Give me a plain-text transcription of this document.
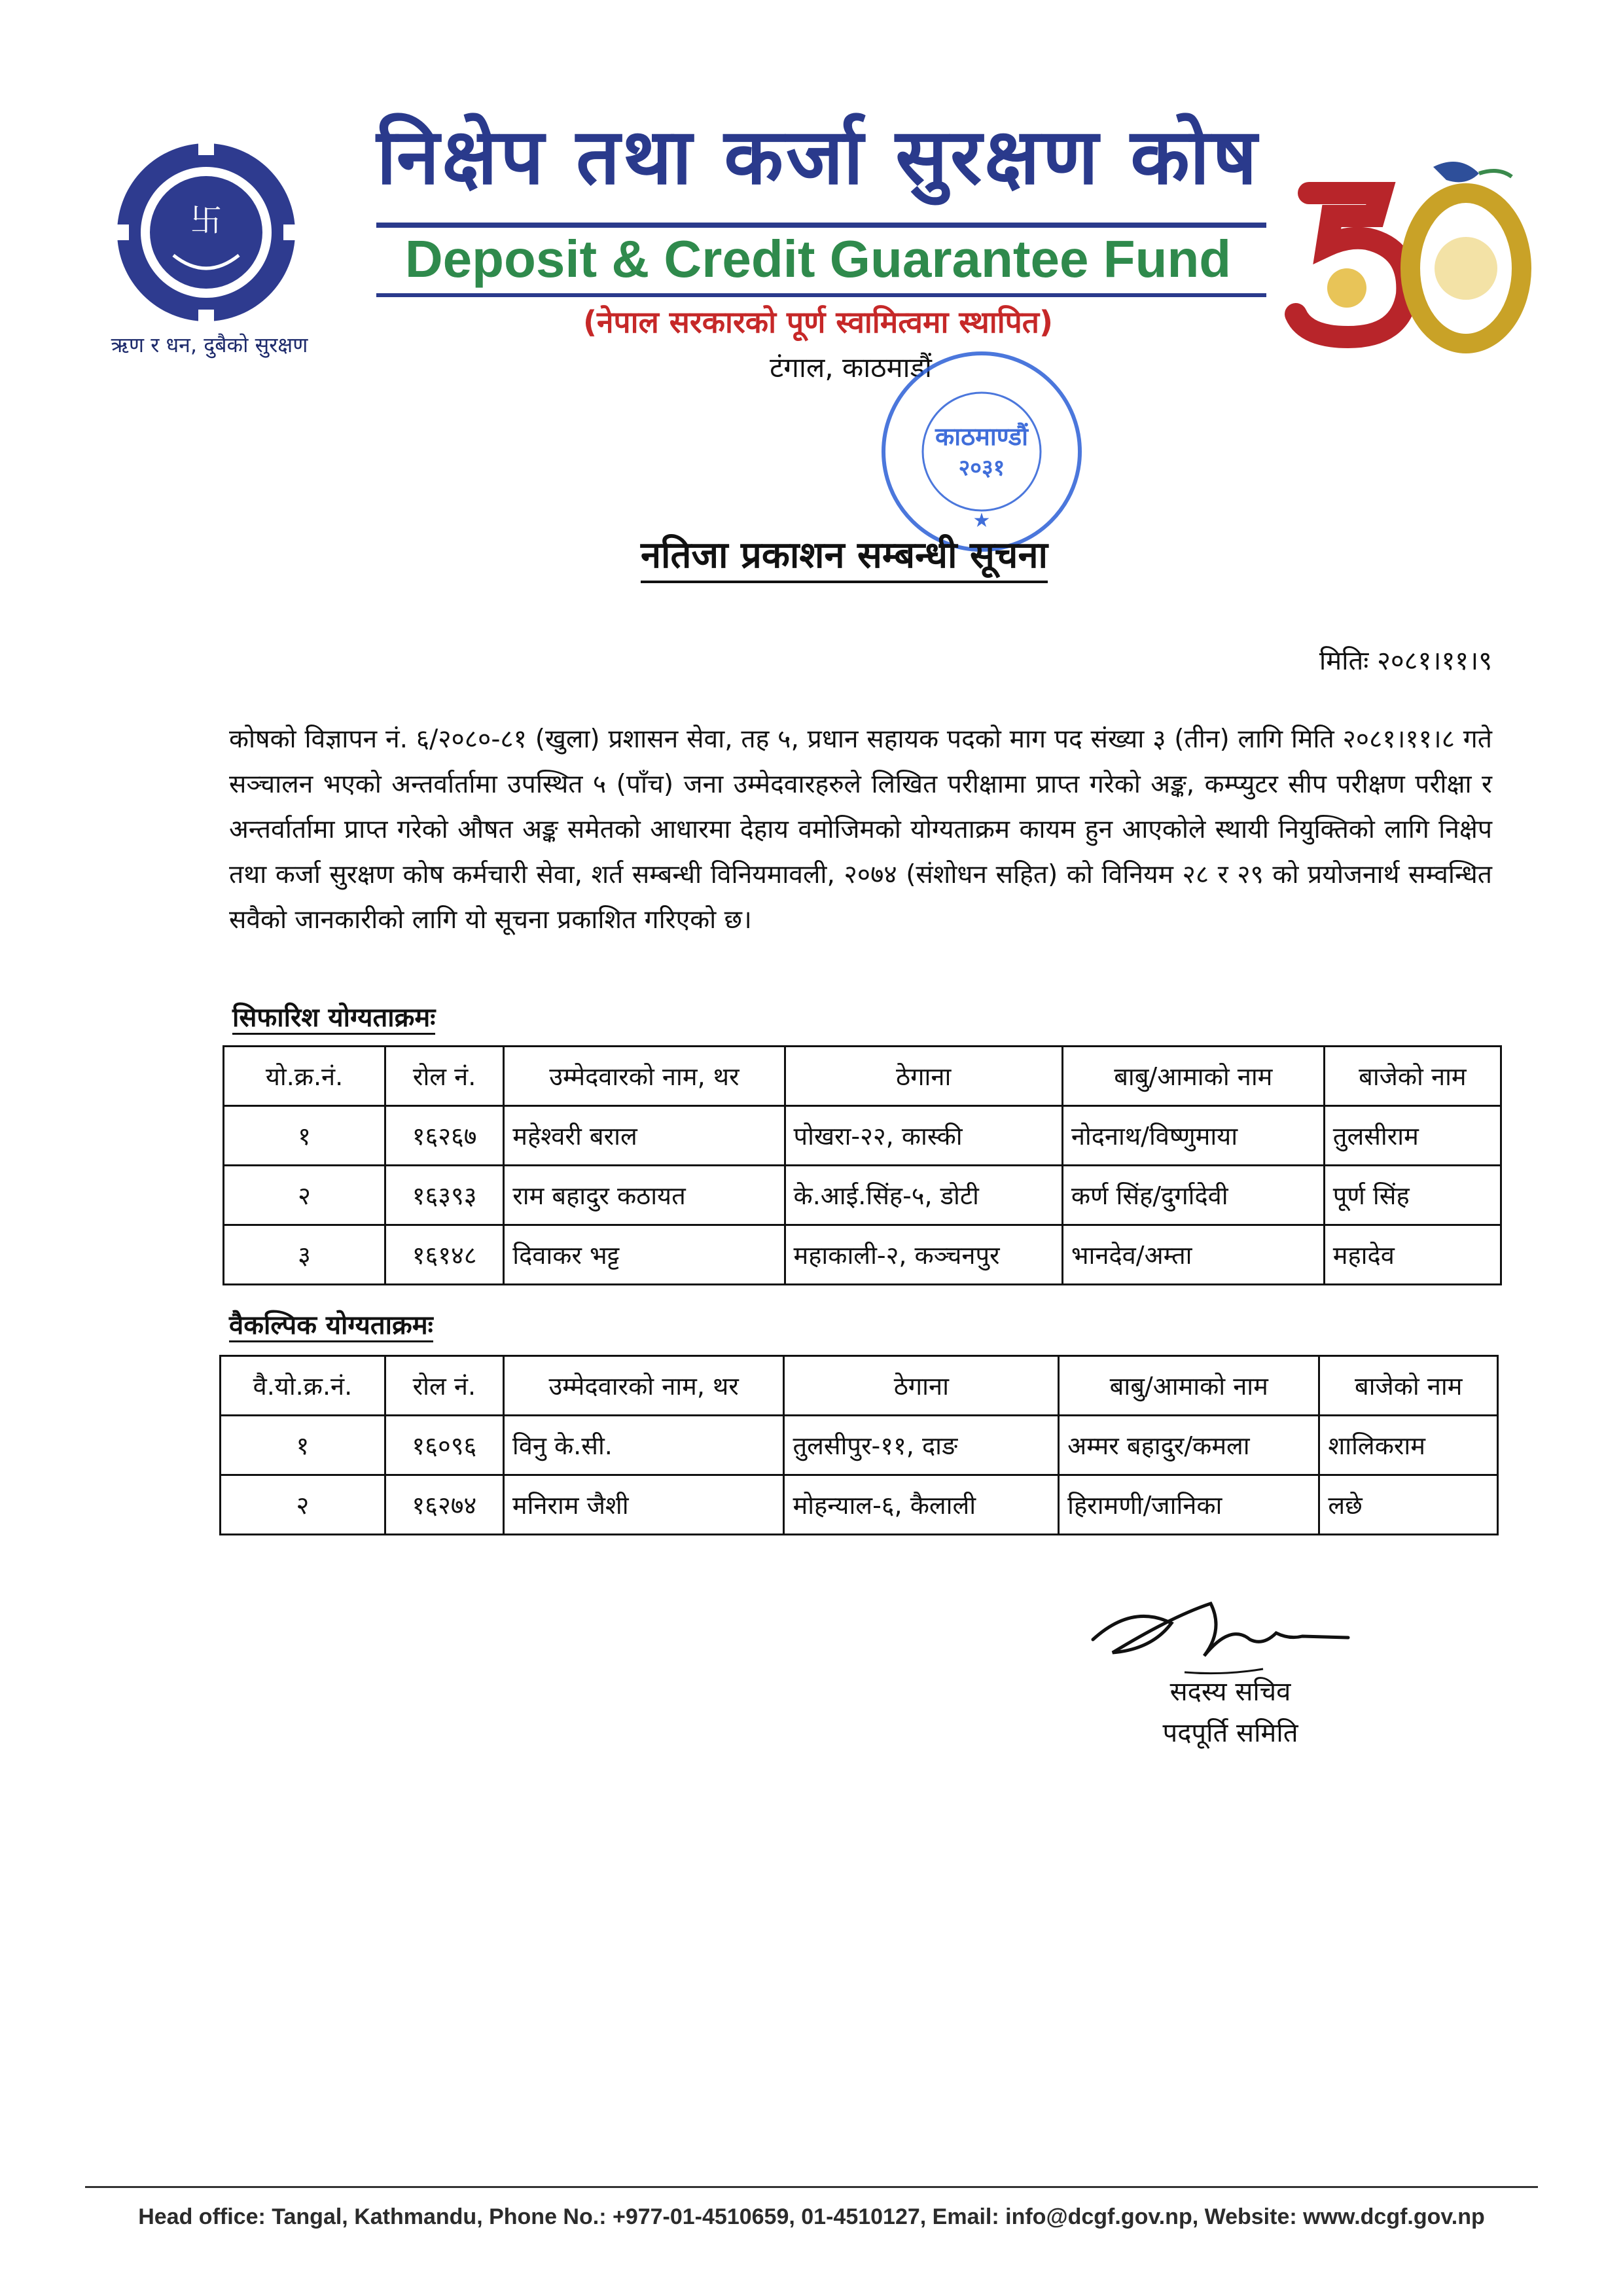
卐
ऋण र धन, दुबैको सुरक्षण
निक्षेप तथा कर्जा सुरक्षण कोष
Deposit & Credit Guarantee Fund
(नेपाल सरकारको पूर्ण स्वामित्वमा स्थापित)
टंगाल, काठमाडौं
काठमाण्डौं
२०३१
★
नतिजा प्रकाशन सम्बन्धी सूचना
मितिः २०८१।११।९
कोषको विज्ञापन नं. ६/२०८०-८१ (खुला) प्रशासन सेवा, तह ५, प्रधान सहायक पदको माग पद संख्या ३ (तीन) लागि मिति २०८१।११।८ गते सञ्चालन भएको अन्तर्वार्तामा उपस्थित ५ (पाँच) जना उम्मेदवारहरुले लिखित परीक्षामा प्राप्त गरेको अङ्क, कम्प्युटर सीप परीक्षण परीक्षा र अन्तर्वार्तामा प्राप्त गरेको औषत अङ्क समेतको आधारमा देहाय वमोजिमको योग्यताक्रम कायम हुन आएकोले स्थायी नियुक्तिको लागि निक्षेप तथा कर्जा सुरक्षण कोष कर्मचारी सेवा, शर्त सम्बन्धी विनियमावली, २०७४ (संशोधन सहित) को विनियम २८ र २९ को प्रयोजनार्थ सम्वन्धित सवैको जानकारीको लागि यो सूचना प्रकाशित गरिएको छ।
सिफारिश योग्यताक्रमः
यो.क्र.नं.	रोल नं.	उम्मेदवारको नाम, थर	ठेगाना	बाबु/आमाको नाम	बाजेको नाम
१	१६२६७	महेश्वरी बराल	पोखरा-२२, कास्की	नोदनाथ/विष्णुमाया	तुलसीराम
२	१६३९३	राम बहादुर कठायत	के.आई.सिंह-५, डोटी	कर्ण सिंह/दुर्गादेवी	पूर्ण सिंह
३	१६१४८	दिवाकर भट्ट	महाकाली-२, कञ्चनपुर	भानदेव/अम्ता	महादेव
वैकल्पिक योग्यताक्रमः
वै.यो.क्र.नं.	रोल नं.	उम्मेदवारको नाम, थर	ठेगाना	बाबु/आमाको नाम	बाजेको नाम
१	१६०९६	विनु के.सी.	तुलसीपुर-११, दाङ	अम्मर बहादुर/कमला	शालिकराम
२	१६२७४	मनिराम जैशी	मोहन्याल-६, कैलाली	हिरामणी/जानिका	लछे
सदस्य सचिव
पदपूर्ति समिति
Head office: Tangal, Kathmandu, Phone No.: +977-01-4510659, 01-4510127, Email: info@dcgf.gov.np, Website: www.dcgf.gov.np
